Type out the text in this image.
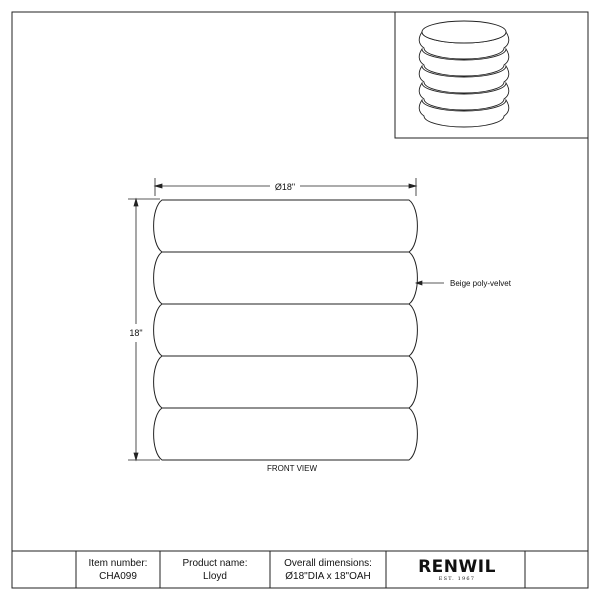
Ø18"
18"
Beige poly-velvet
FRONT VIEW
Item number:
CHA099
Product name:
Lloyd
Overall dimensions:
Ø18"DIA x 18"OAH	RENWIL
EST. 1967
